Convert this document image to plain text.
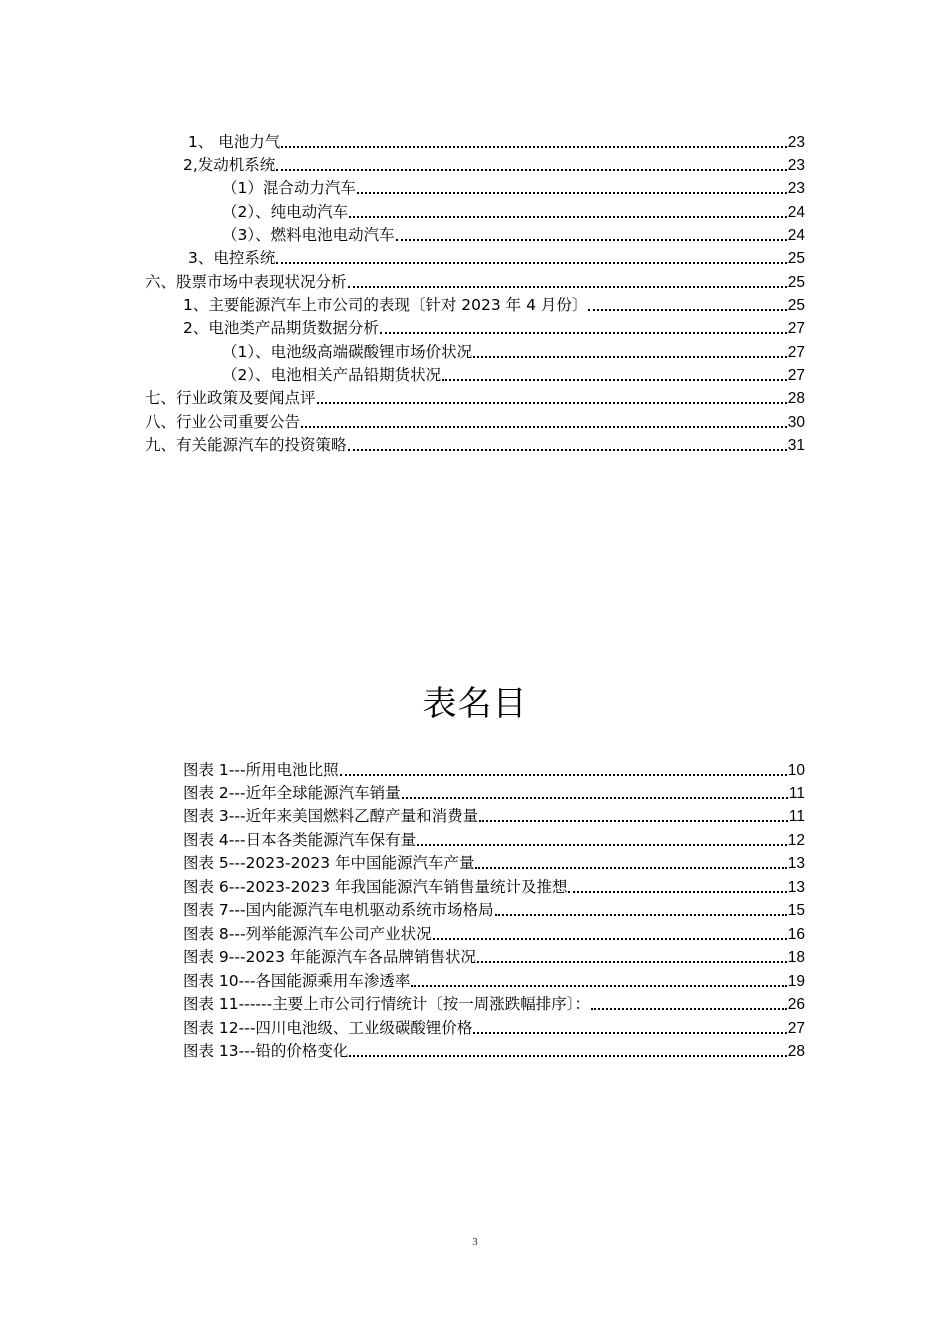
1、 电池力气	23
2,发动机系统	23
（1）混合动力汽车	23
（2）、纯电动汽车	24
（3）、燃料电池电动汽车	24
3、电控系统	25
六、股票市场中表现状况分析	25
1、主要能源汽车上市公司的表现〔针对 2023 年 4 月份〕	25
2、电池类产品期货数据分析	27
（1）、电池级高端碳酸锂市场价状况	27
（2）、电池相关产品铅期货状况	27
七、行业政策及要闻点评	28
八、行业公司重要公告	30
九、有关能源汽车的投资策略	31
表名目
图表 1---所用电池比照	10
图表 2---近年全球能源汽车销量	11
图表 3---近年来美国燃料乙醇产量和消费量	11
图表 4---日本各类能源汽车保有量	12
图表 5---2023-2023 年中国能源汽车产量	13
图表 6---2023-2023 年我国能源汽车销售量统计及推想	13
图表 7---国内能源汽车电机驱动系统市场格局	15
图表 8---列举能源汽车公司产业状况	16
图表 9---2023 年能源汽车各品牌销售状况	18
图表 10---各国能源乘用车渗透率	19
图表 11------主要上市公司行情统计〔按一周涨跌幅排序〕：	26
图表 12---四川电池级、工业级碳酸锂价格	27
图表 13---铅的价格变化	28
3
